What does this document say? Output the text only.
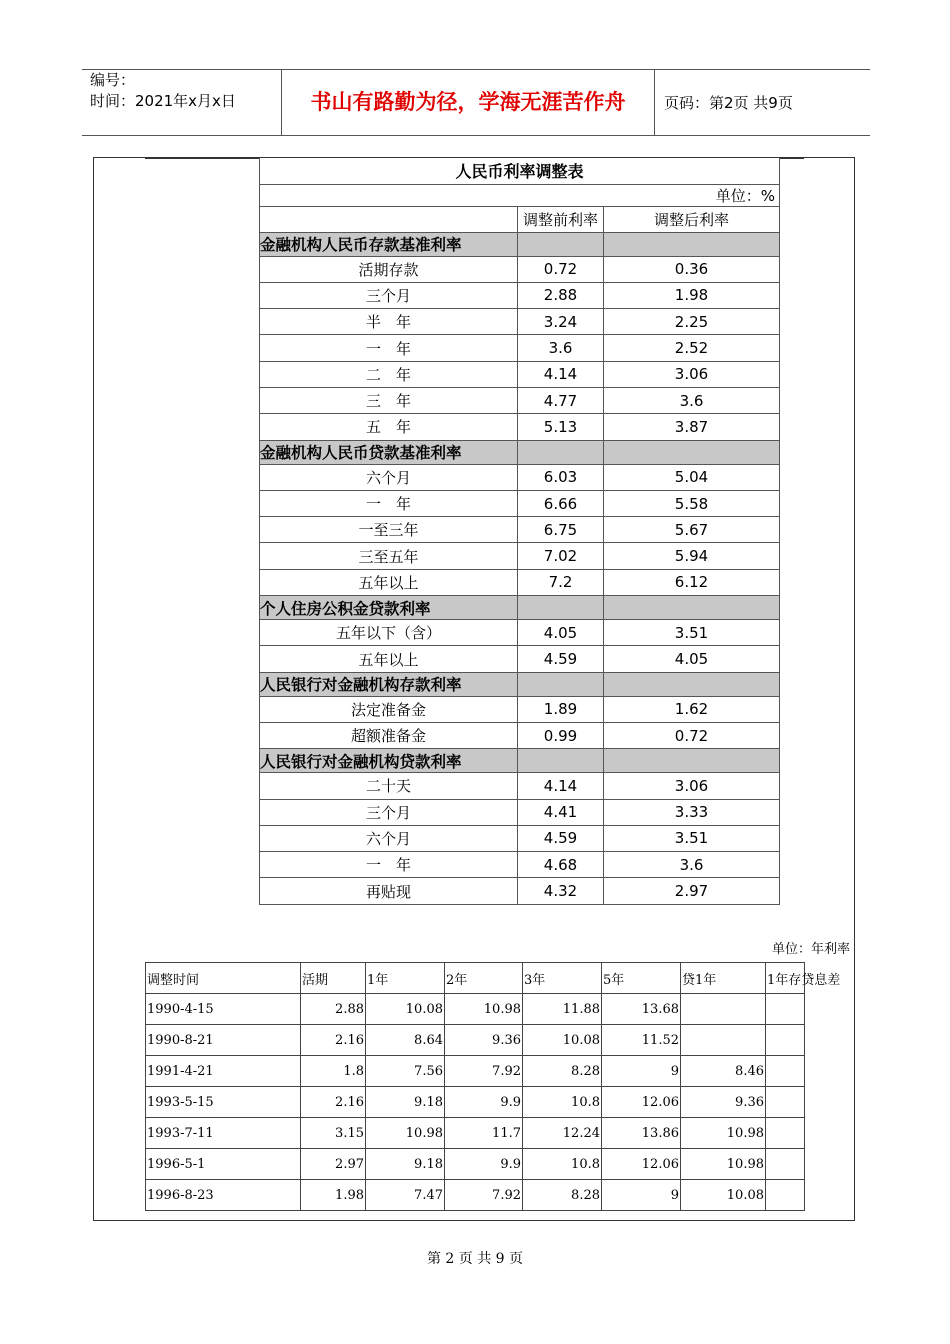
编号：
时间：2021年x月x日	书山有路勤为径，学海无涯苦作舟	页码：第2页 共9页
人民币利率调整表		
单位：%		
	调整前利率	调整后利率
金融机构人民币存款基准利率		
活期存款	0.72	0.36
三个月	2.88	1.98
半　年	3.24	2.25
一　年	3.6	2.52
二　年	4.14	3.06
三　年	4.77	3.6
五　年	5.13	3.87
金融机构人民币贷款基准利率		
六个月	6.03	5.04
一　年	6.66	5.58
一至三年	6.75	5.67
三至五年	7.02	5.94
五年以上	7.2	6.12
个人住房公积金贷款利率		
五年以下（含）	4.05	3.51
五年以上	4.59	4.05
人民银行对金融机构存款利率		
法定准备金	1.89	1.62
超额准备金	0.99	0.72
人民银行对金融机构贷款利率		
二十天	4.14	3.06
三个月	4.41	3.33
六个月	4.59	3.51
一　年	4.68	3.6
再贴现	4.32	2.97
单位：年利率
调整时间	活期	1年	2年	3年	5年	贷1年	1年存贷息差
1990-4-15	2.88	10.08	10.98	11.88	13.68		
1990-8-21	2.16	8.64	9.36	10.08	11.52		
1991-4-21	1.8	7.56	7.92	8.28	9	8.46	
1993-5-15	2.16	9.18	9.9	10.8	12.06	9.36	
1993-7-11	3.15	10.98	11.7	12.24	13.86	10.98	
1996-5-1	2.97	9.18	9.9	10.8	12.06	10.98	
1996-8-23	1.98	7.47	7.92	8.28	9	10.08	
第 2 页 共 9 页
